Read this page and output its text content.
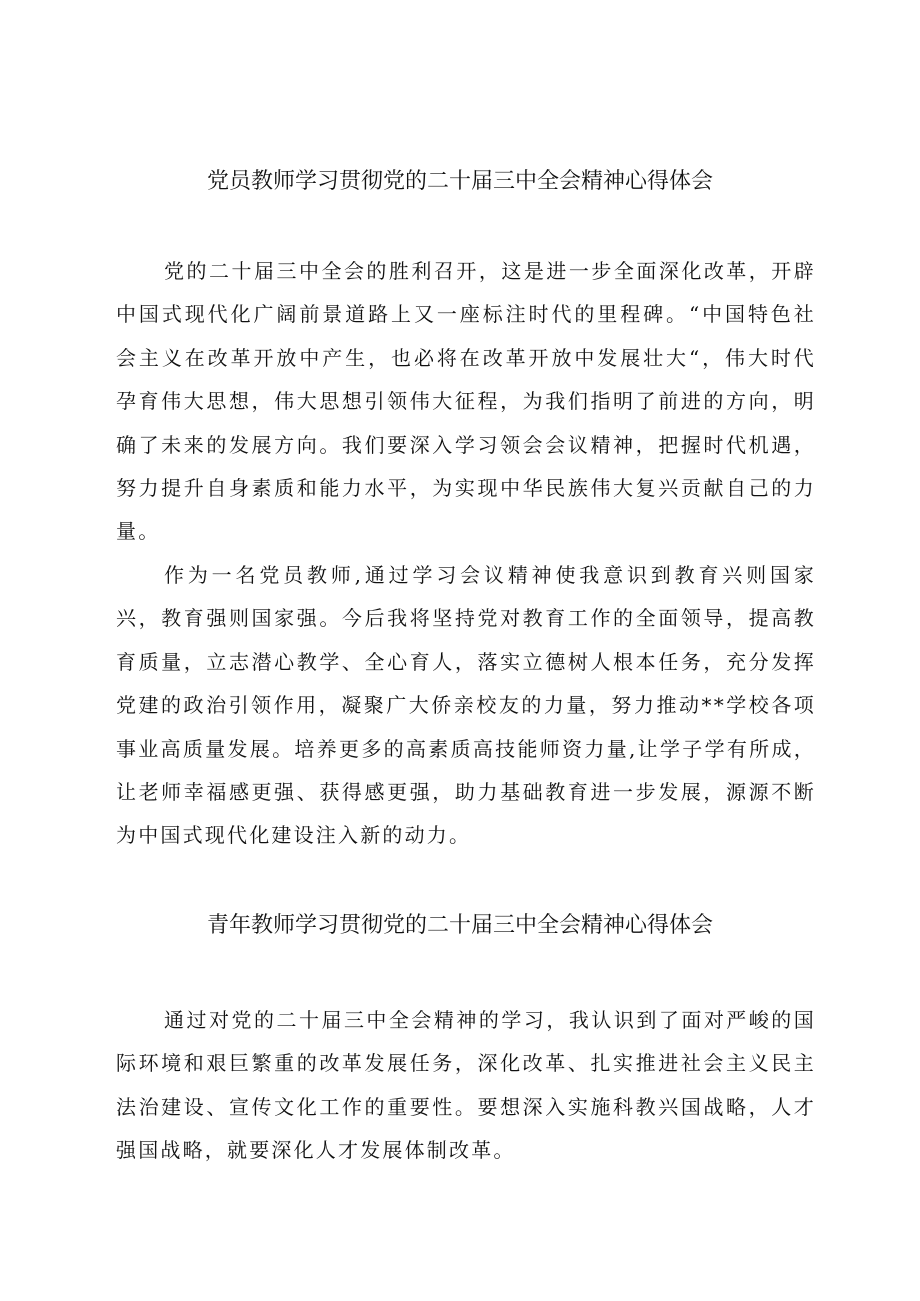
党员教师学习贯彻党的二十届三中全会精神心得体会

党的二十届三中全会的胜利召开，这是进一步全面深化改革，开辟中国式现代化广阔前景道路上又一座标注时代的里程碑。“中国特色社会主义在改革开放中产生，也必将在改革开放中发展壮大“，伟大时代孕育伟大思想，伟大思想引领伟大征程，为我们指明了前进的方向，明确了未来的发展方向。我们要深入学习领会会议精神，把握时代机遇，努力提升自身素质和能力水平，为实现中华民族伟大复兴贡献自己的力量。

作为一名党员教师,通过学习会议精神使我意识到教育兴则国家兴，教育强则国家强。今后我将坚持党对教育工作的全面领导，提高教育质量，立志潜心教学、全心育人，落实立德树人根本任务，充分发挥党建的政治引领作用，凝聚广大侨亲校友的力量，努力推动**学校各项事业高质量发展。培养更多的高素质高技能师资力量,让学子学有所成，让老师幸福感更强、获得感更强，助力基础教育进一步发展，源源不断为中国式现代化建设注入新的动力。

青年教师学习贯彻党的二十届三中全会精神心得体会

通过对党的二十届三中全会精神的学习，我认识到了面对严峻的国际环境和艰巨繁重的改革发展任务，深化改革、扎实推进社会主义民主法治建设、宣传文化工作的重要性。要想深入实施科教兴国战略，人才强国战略，就要深化人才发展体制改革。
